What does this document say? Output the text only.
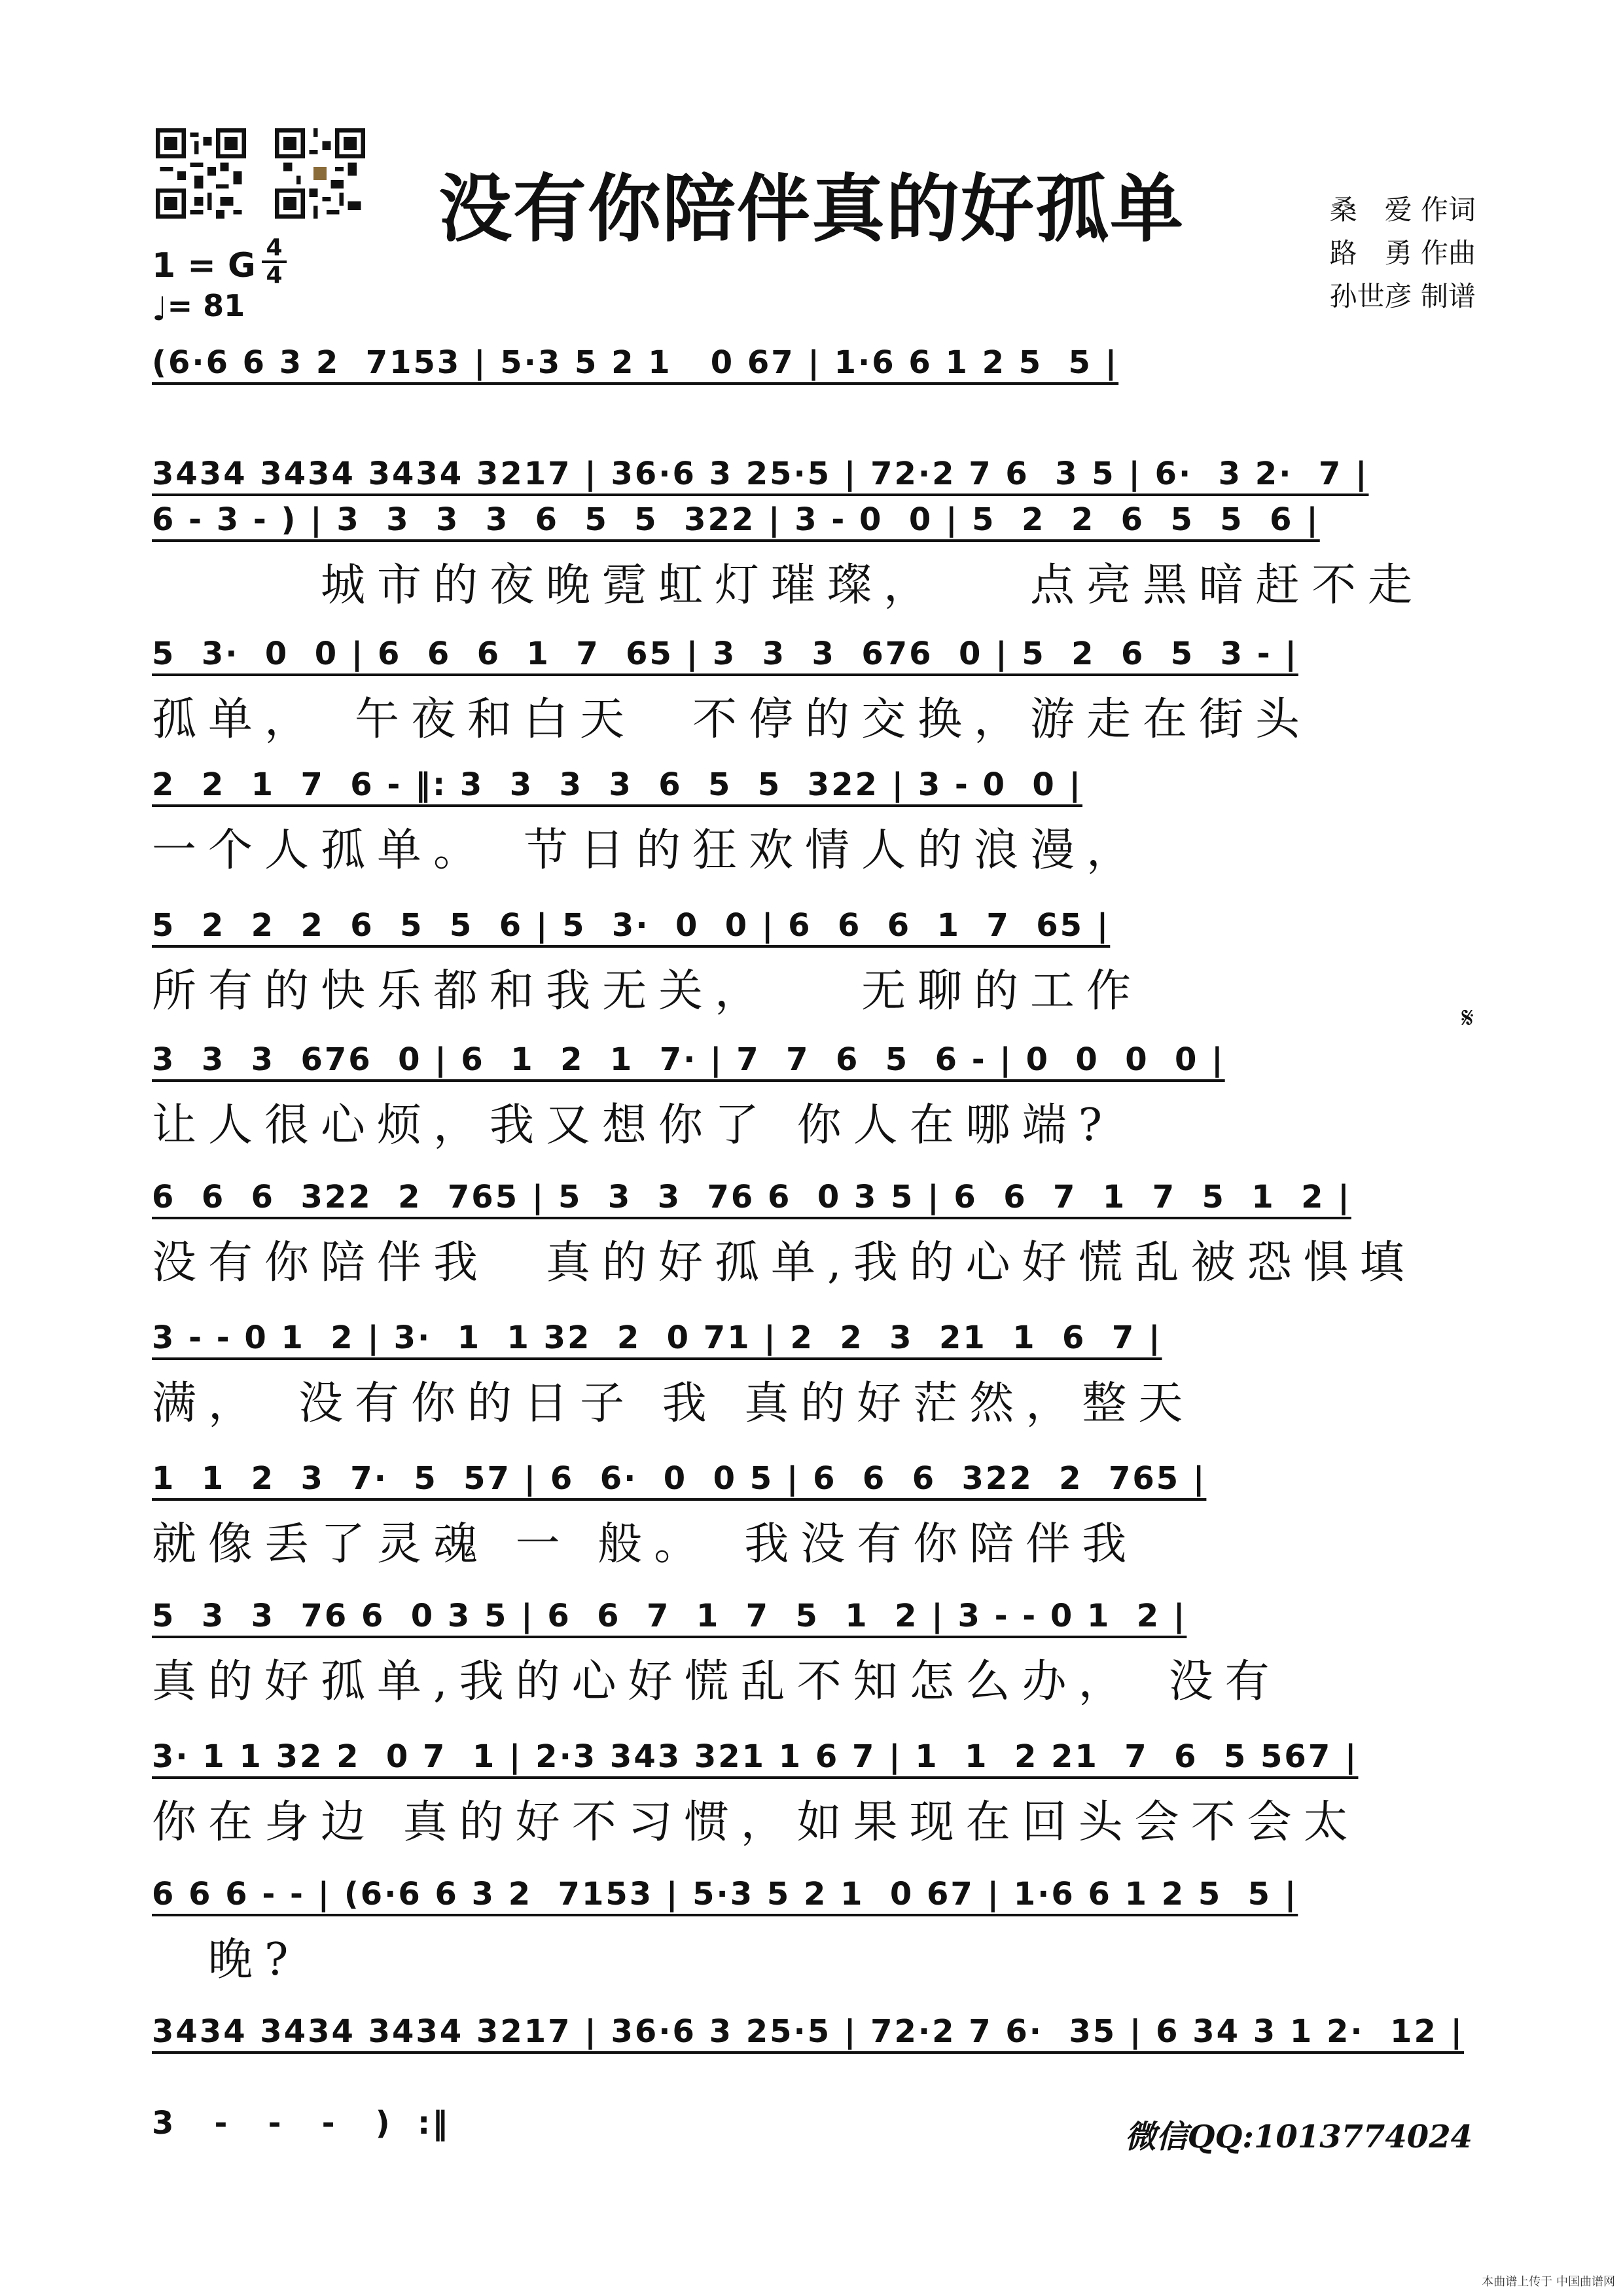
没有你陪伴真的好孤单	桑　爱 作词
路　勇 作曲
孙世彦 制谱
1 = G 4
4
♩= 81
(6·6 6 3 2  7153 | 5·3 5 2 1   0 67 | 1·6 6 1 2 5  5 |
3434 3434 3434 3217 | 36·6 3 25·5 | 72·2 7 6  3 5 | 6·  3 2·  7 |
6 - 3 - ) | 3  3  3  3  6  5  5  322 | 3 - 0  0 | 5  2  2  6  5  5  6 |
　　　城市的夜晚霓虹灯璀璨，　　点亮黑暗赶不走
5  3·  0  0 | 6  6  6  1  7  65 | 3  3  3  676  0 | 5  2  6  5  3 - |
孤单，　午夜和白天　不停的交换，游走在街头
2  2  1  7  6 - ‖: 3  3  3  3  6  5  5  322 | 3 - 0  0 |
一个人孤单。　节日的狂欢情人的浪漫，
5  2  2  2  6  5  5  6 | 5  3·  0  0 | 6  6  6  1  7  65 |
所有的快乐都和我无关，　　无聊的工作
3  3  3  676  0 | 6  1  2  1  7· | 7  7  6  5  6 - | 0  0  0  0 |
让人很心烦，我又想你了 你人在哪端?
6  6  6  322  2  765 | 5  3  3  76 6  0 3 5 | 6  6  7  1  7  5  1  2 |
没有你陪伴我　真的好孤单,我的心好慌乱被恐惧填
3 - - 0 1  2 | 3·  1  1 32  2  0 71 | 2  2  3  21  1  6  7 |
满，　没有你的日子 我 真的好茫然，整天
1  1  2  3  7·  5  57 | 6  6·  0  0 5 | 6  6  6  322  2  765 |
就像丢了灵魂 一 般。　我没有你陪伴我
5  3  3  76 6  0 3 5 | 6  6  7  1  7  5  1  2 | 3 - - 0 1  2 |
真的好孤单,我的心好慌乱不知怎么办，　没有
3· 1 1 32 2  0 7  1 | 2·3 343 321 1 6 7 | 1  1  2 21  7  6  5 567 |
你在身边 真的好不习惯，如果现在回头会不会太
6 6 6 - - | (6·6 6 3 2  7153 | 5·3 5 2 1  0 67 | 1·6 6 1 2 5  5 |
　晚?
3434 3434 3434 3217 | 36·6 3 25·5 | 72·2 7 6·  35 | 6 34 3 1 2·  12 |
3   -   -   -   )  :‖
𝄋
微信QQ:1013774024
本曲谱上传于 中国曲谱网
